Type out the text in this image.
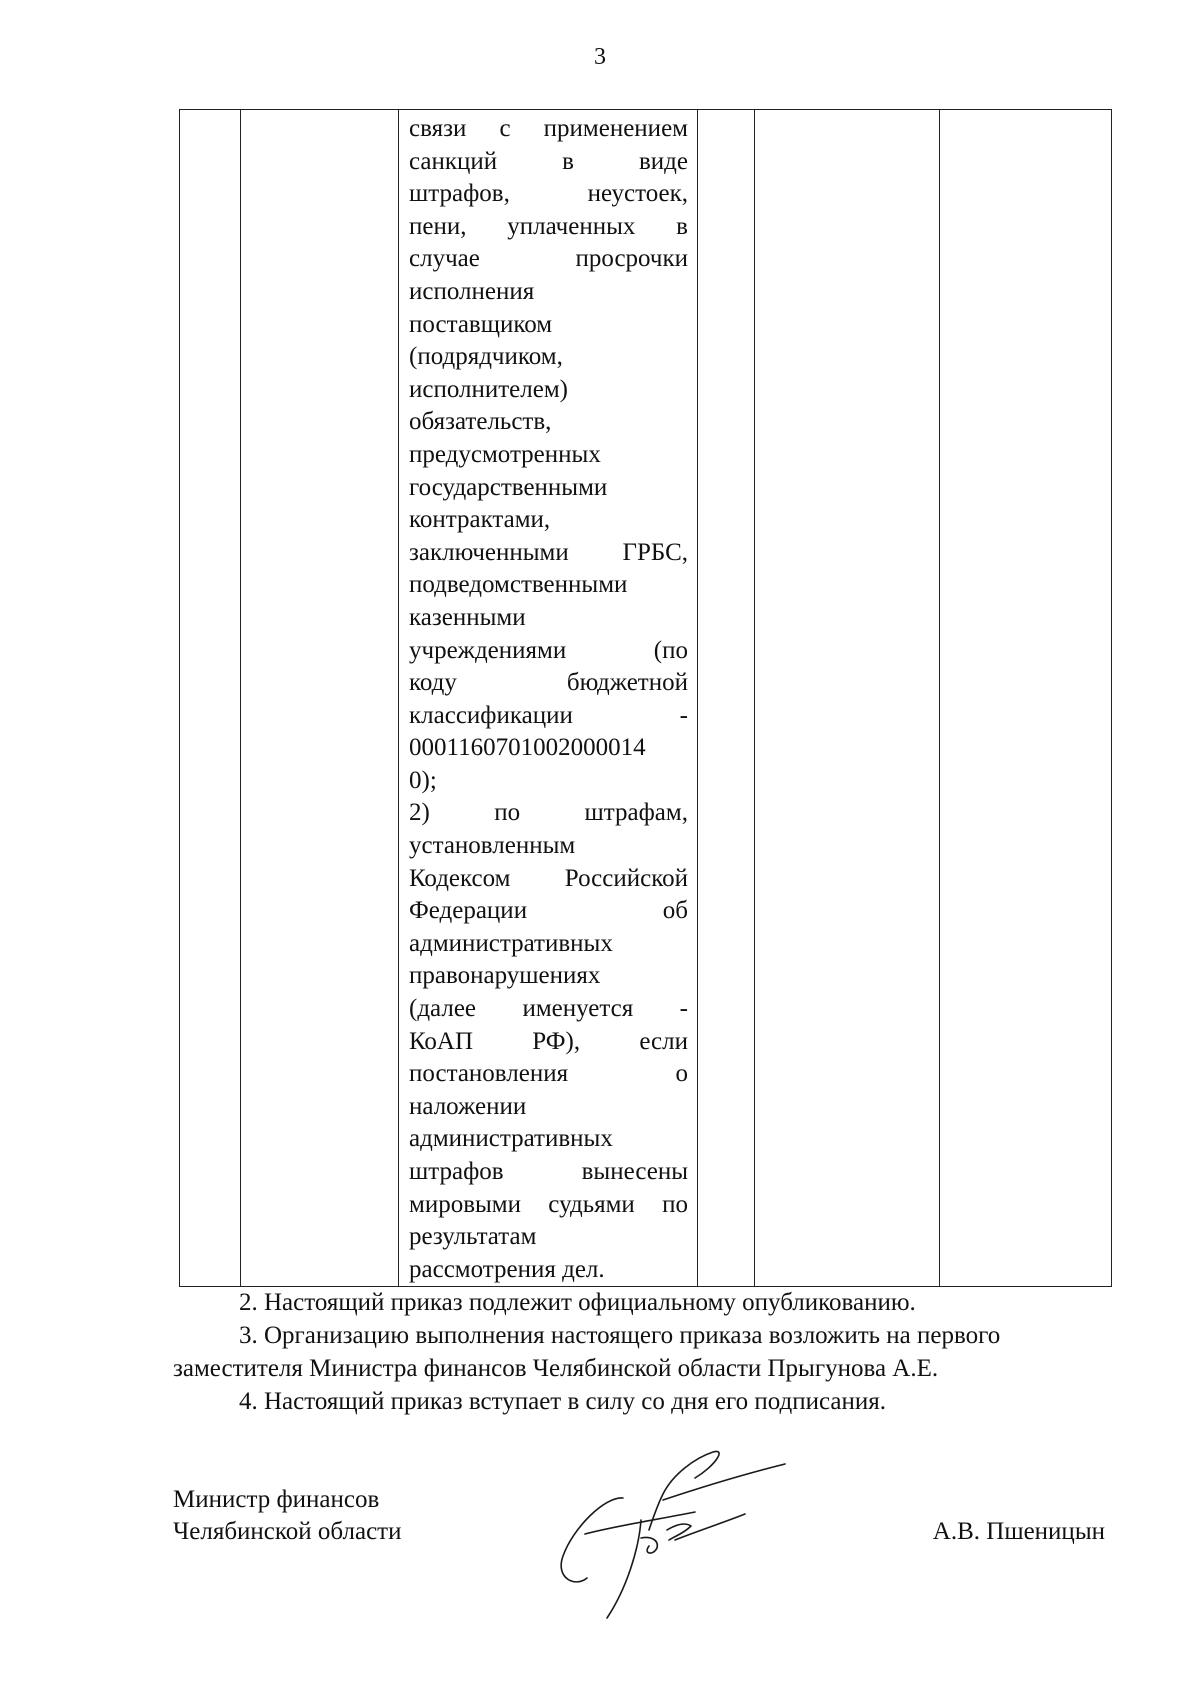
3

связи с применением
санкций	в	виде
штрафов,	неустоек,
пени, уплаченных в
случае	просрочки
исполнения
поставщиком
(подрядчиком,
исполнителем)
обязательств,
предусмотренных
государственными
контрактами,
заключенными ГРБС,
подведомственными
казенными
учреждениями	(по
коду	бюджетной
классификации	-
0001160701002000014
0);
2)	по	штрафам,
установленным
Кодексом Российской
Федерации	об
административных
правонарушениях
(далее именуется -
КоАП РФ), если
постановления	о
наложении
административных
штрафов	вынесены
мировыми судьями по
результатам
рассмотрения дел.

2. Настоящий приказ подлежит официальному опубликованию.

3. Организацию выполнения настоящего приказа возложить на первого

заместителя Министра финансов Челябинской области Прыгунова А.Е.

4. Настоящий приказ вступает в силу со дня его подписания.

Министр финансов
Челябинской области	А.В. Пшеницын
